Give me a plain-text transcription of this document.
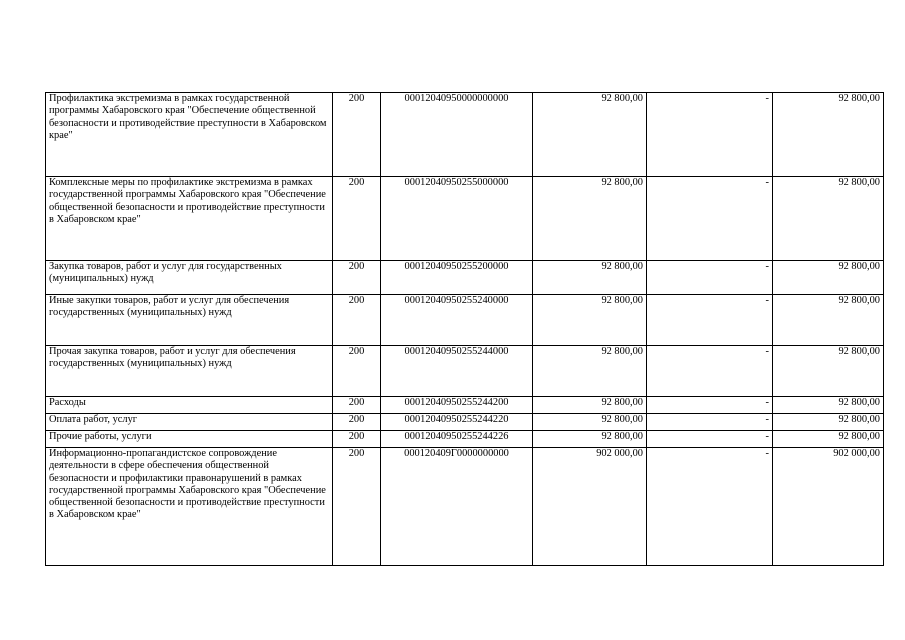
Профилактика экстремизма в рамках государственной программы Хабаровского края "Обеспечение общественной безопасности и противодействие преступности в Хабаровском крае"	200	00012040950000000000	92 800,00	-	92 800,00
Комплексные меры по профилактике экстремизма в рамках государственной программы Хабаровского края "Обеспечение общественной безопасности и противодействие преступности в Хабаровском крае"	200	00012040950255000000	92 800,00	-	92 800,00
Закупка товаров, работ и услуг для государственных (муниципальных) нужд	200	00012040950255200000	92 800,00	-	92 800,00
Иные закупки товаров, работ и услуг для обеспечения государственных (муниципальных) нужд	200	00012040950255240000	92 800,00	-	92 800,00
Прочая закупка товаров, работ и услуг для обеспечения государственных (муниципальных) нужд	200	00012040950255244000	92 800,00	-	92 800,00
Расходы	200	00012040950255244200	92 800,00	-	92 800,00
Оплата работ, услуг	200	00012040950255244220	92 800,00	-	92 800,00
Прочие работы, услуги	200	00012040950255244226	92 800,00	-	92 800,00
Информационно-пропагандистское сопровождение деятельности в сфере обеспечения общественной безопасности и профилактики правонарушений в рамках государственной программы Хабаровского края "Обеспечение общественной безопасности и противодействие преступности в Хабаровском крае"	200	000120409Г0000000000	902 000,00	-	902 000,00
